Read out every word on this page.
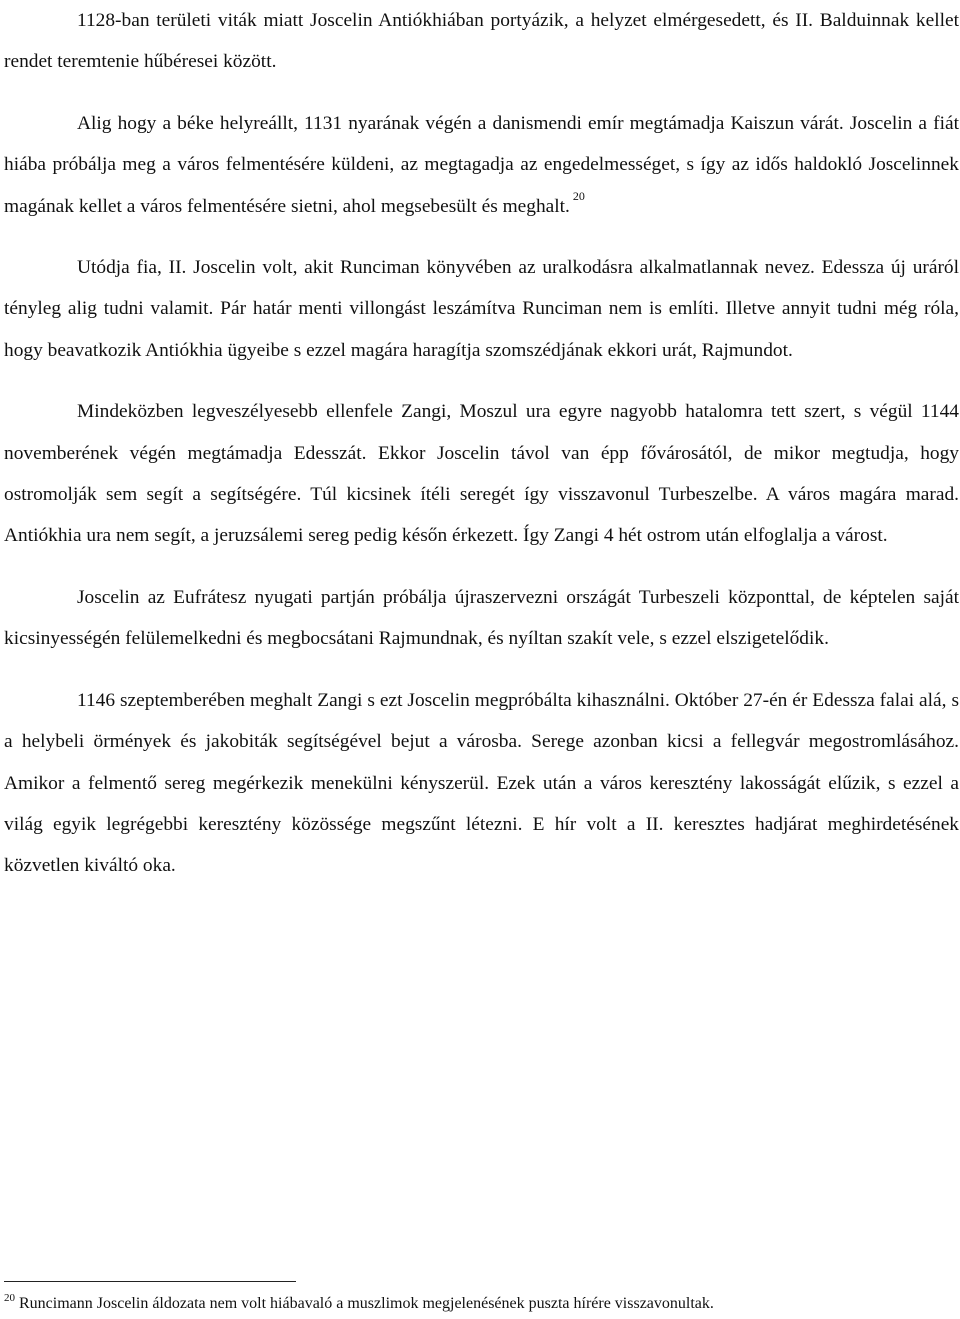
1128-ban területi viták miatt Joscelin Antiókhiában portyázik, a helyzet elmérgesedett, és II. Balduinnak kellet rendet teremtenie hűbéresei között.

Alig hogy a béke helyreállt, 1131 nyarának végén a danismendi emír megtámadja Kaiszun várát. Joscelin a fiát hiába próbálja meg a város felmentésére küldeni, az megtagadja az engedelmességet, s így az idős haldokló Joscelinnek magának kellet a város felmentésére sietni, ahol megsebesült és meghalt. $^{20}$

Utódja fia, II. Joscelin volt, akit Runciman könyvében az uralkodásra alkalmatlannak nevez. Edessza új uráról tényleg alig tudni valamit. Pár határ menti villongást leszámítva Runciman nem is említi. Illetve annyit tudni még róla, hogy beavatkozik Antiókhia ügyeibe s ezzel magára haragítja szomszédjának ekkori urát, Rajmundot.

Mindeközben legveszélyesebb ellenfele Zangi, Moszul ura egyre nagyobb hatalomra tett szert, s végül 1144 novemberének végén megtámadja Edesszát. Ekkor Joscelin távol van épp fővárosától, de mikor megtudja, hogy ostromolják sem segít a segítségére. Túl kicsinek ítéli seregét így visszavonul Turbeszelbe. A város magára marad. Antiókhia ura nem segít, a jeruzsálemi sereg pedig későn érkezett. Így Zangi 4 hét ostrom után elfoglalja a várost.

Joscelin az Eufrátesz nyugati partján próbálja újraszervezni országát Turbeszeli központtal, de képtelen saját kicsinyességén felülemelkedni és megbocsátani Rajmundnak, és nyíltan szakít vele, s ezzel elszigetelődik.

1146 szeptemberében meghalt Zangi s ezt Joscelin megpróbálta kihasználni. Október 27-én ér Edessza falai alá, s a helybeli örmények és jakobiták segítségével bejut a városba. Serege azonban kicsi a fellegvár megostromlásához. Amikor a felmentő sereg megérkezik menekülni kényszerül. Ezek után a város keresztény lakosságát elűzik, s ezzel a világ egyik legrégebbi keresztény közössége megszűnt létezni. E hír volt a II. keresztes hadjárat meghirdetésének közvetlen kiváltó oka.

$^{20}$ Runcimann Joscelin áldozata nem volt hiábavaló a muszlimok megjelenésének puszta hírére visszavonultak.
